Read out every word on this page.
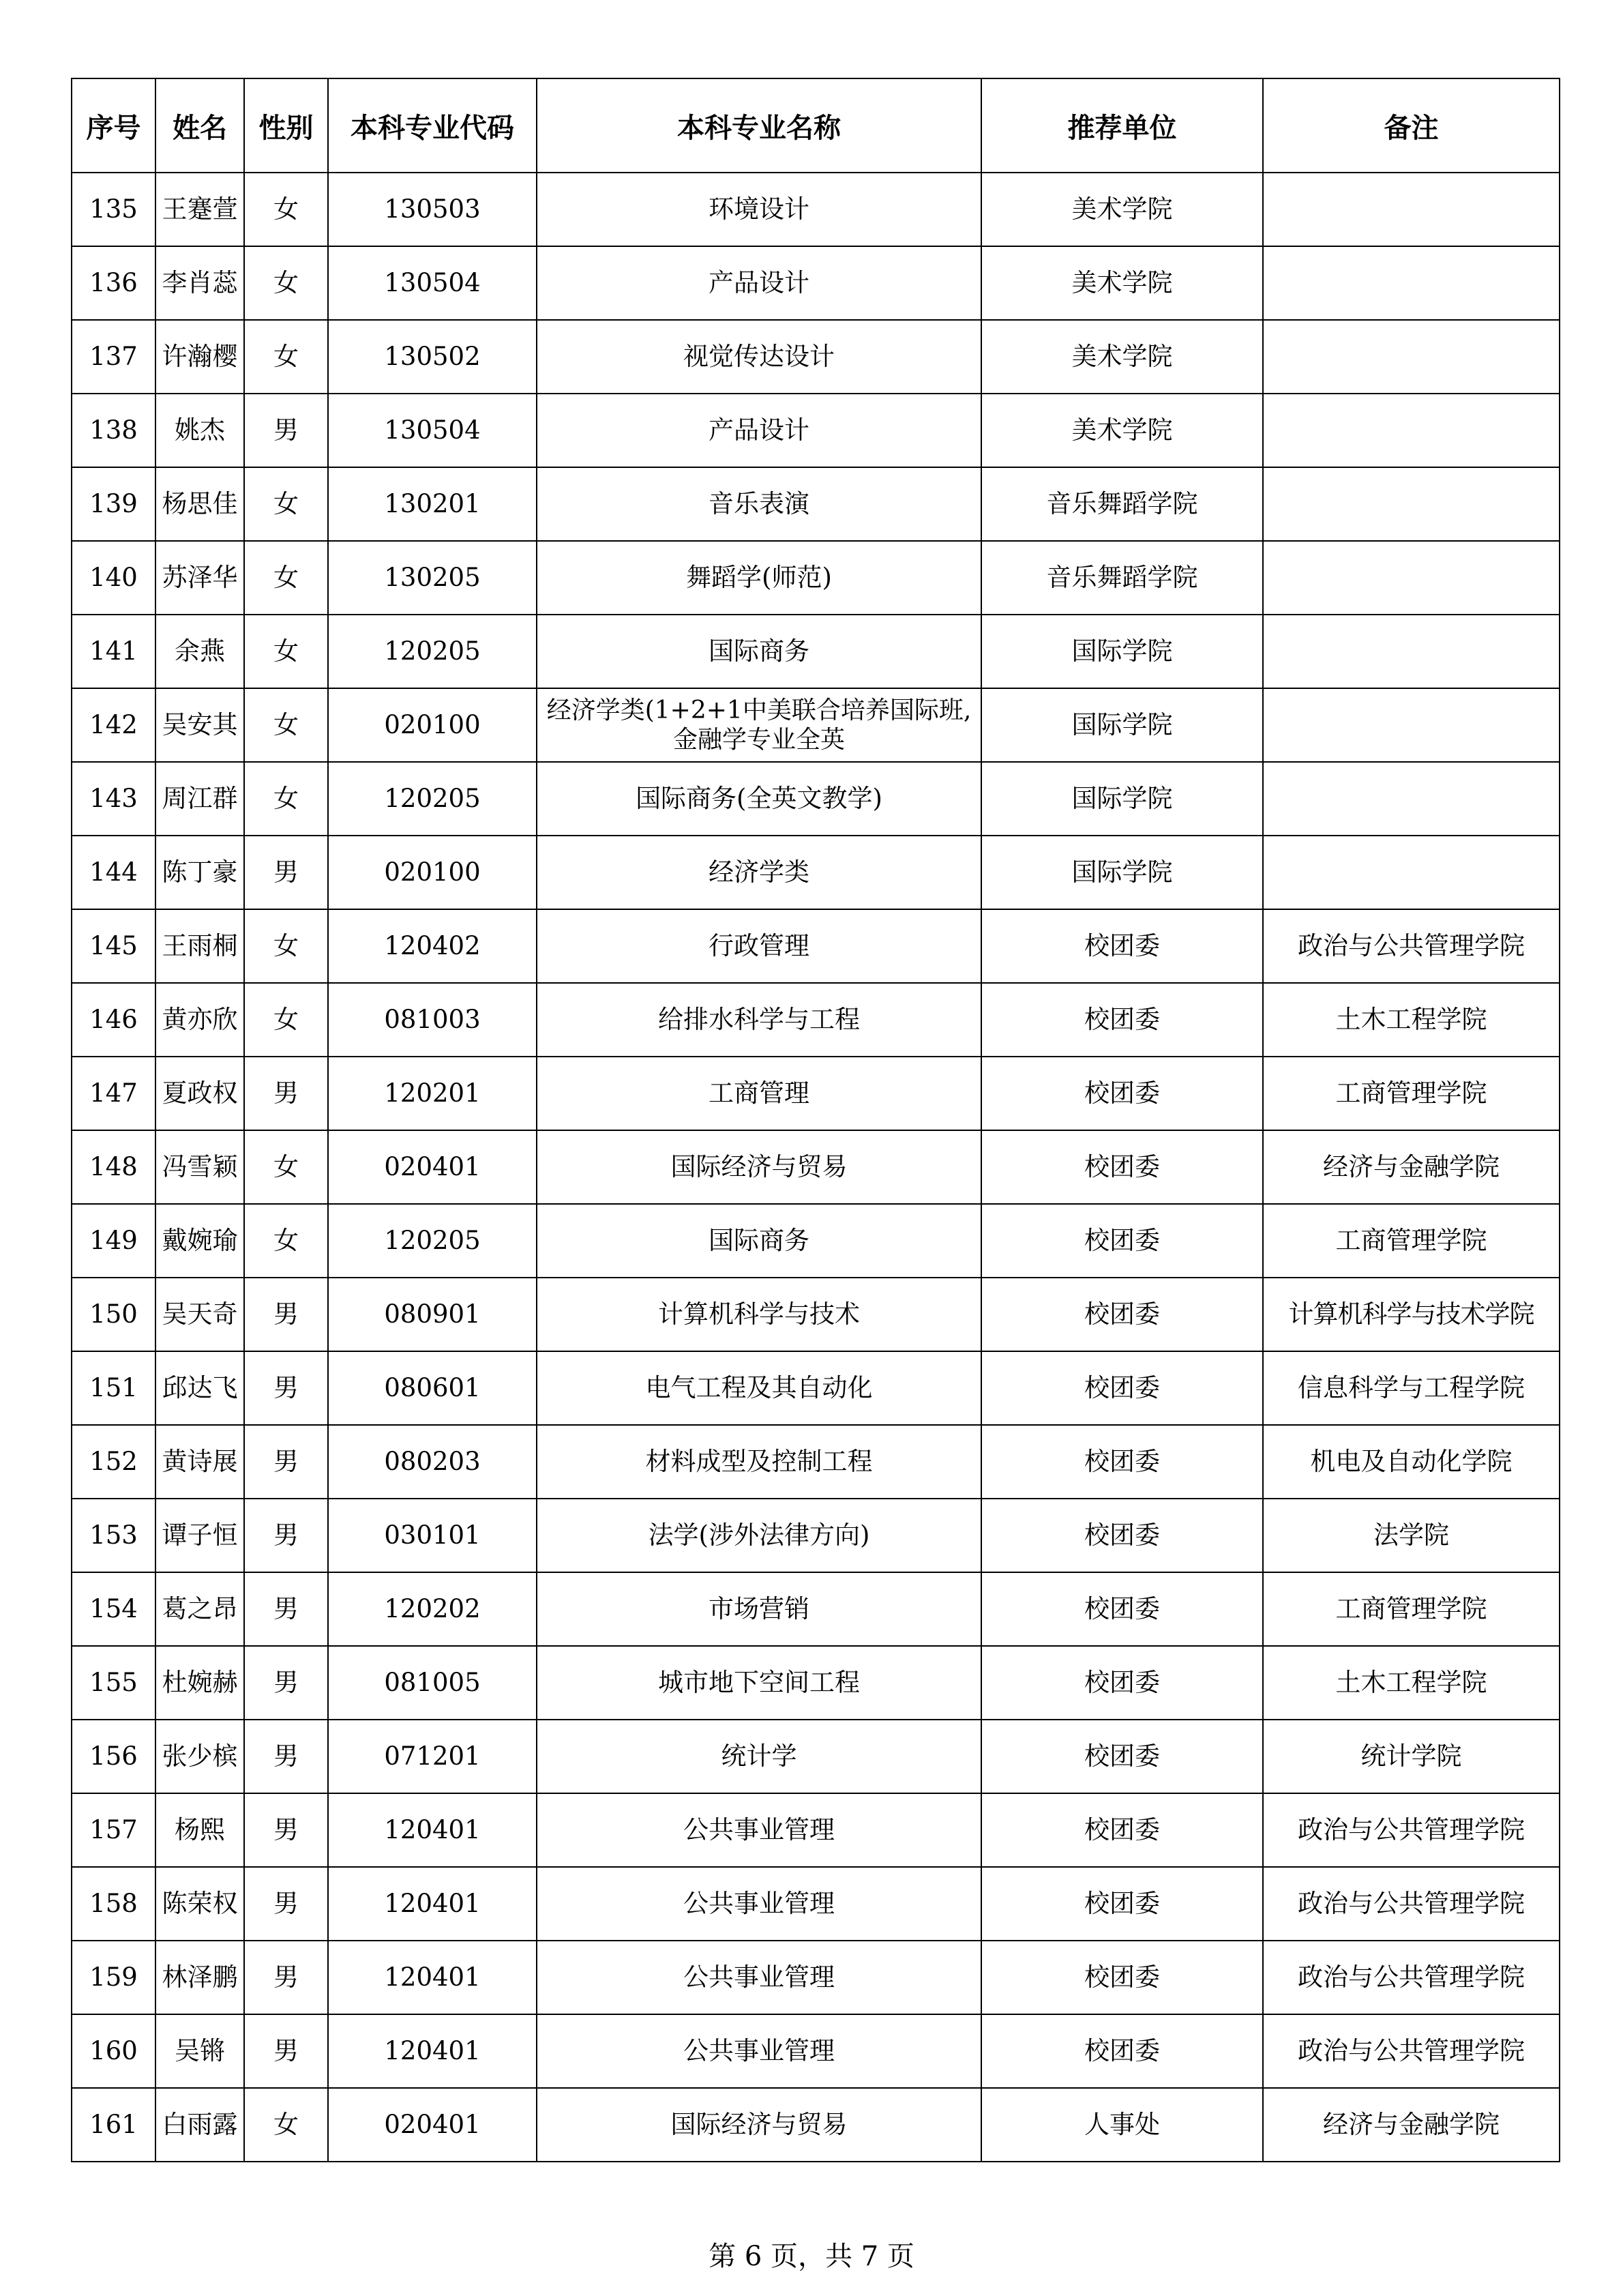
序号	姓名	性别	本科专业代码	本科专业名称	推荐单位	备注
135	王蹇萱	女	130503	环境设计	美术学院	
136	李肖蕊	女	130504	产品设计	美术学院	
137	许瀚樱	女	130502	视觉传达设计	美术学院	
138	姚杰	男	130504	产品设计	美术学院	
139	杨思佳	女	130201	音乐表演	音乐舞蹈学院	
140	苏泽华	女	130205	舞蹈学(师范)	音乐舞蹈学院	
141	余燕	女	120205	国际商务	国际学院	
142	吴安其	女	020100	经济学类(1+2+1中美联合培养国际班,金融学专业全英	国际学院	
143	周江群	女	120205	国际商务(全英文教学)	国际学院	
144	陈丁豪	男	020100	经济学类	国际学院	
145	王雨桐	女	120402	行政管理	校团委	政治与公共管理学院
146	黄亦欣	女	081003	给排水科学与工程	校团委	土木工程学院
147	夏政权	男	120201	工商管理	校团委	工商管理学院
148	冯雪颖	女	020401	国际经济与贸易	校团委	经济与金融学院
149	戴婉瑜	女	120205	国际商务	校团委	工商管理学院
150	吴天奇	男	080901	计算机科学与技术	校团委	计算机科学与技术学院
151	邱达飞	男	080601	电气工程及其自动化	校团委	信息科学与工程学院
152	黄诗展	男	080203	材料成型及控制工程	校团委	机电及自动化学院
153	谭子恒	男	030101	法学(涉外法律方向)	校团委	法学院
154	葛之昂	男	120202	市场营销	校团委	工商管理学院
155	杜婉赫	男	081005	城市地下空间工程	校团委	土木工程学院
156	张少槟	男	071201	统计学	校团委	统计学院
157	杨熙	男	120401	公共事业管理	校团委	政治与公共管理学院
158	陈荣权	男	120401	公共事业管理	校团委	政治与公共管理学院
159	林泽鹏	男	120401	公共事业管理	校团委	政治与公共管理学院
160	吴锵	男	120401	公共事业管理	校团委	政治与公共管理学院
161	白雨露	女	020401	国际经济与贸易	人事处	经济与金融学院
第 6 页，共 7 页
